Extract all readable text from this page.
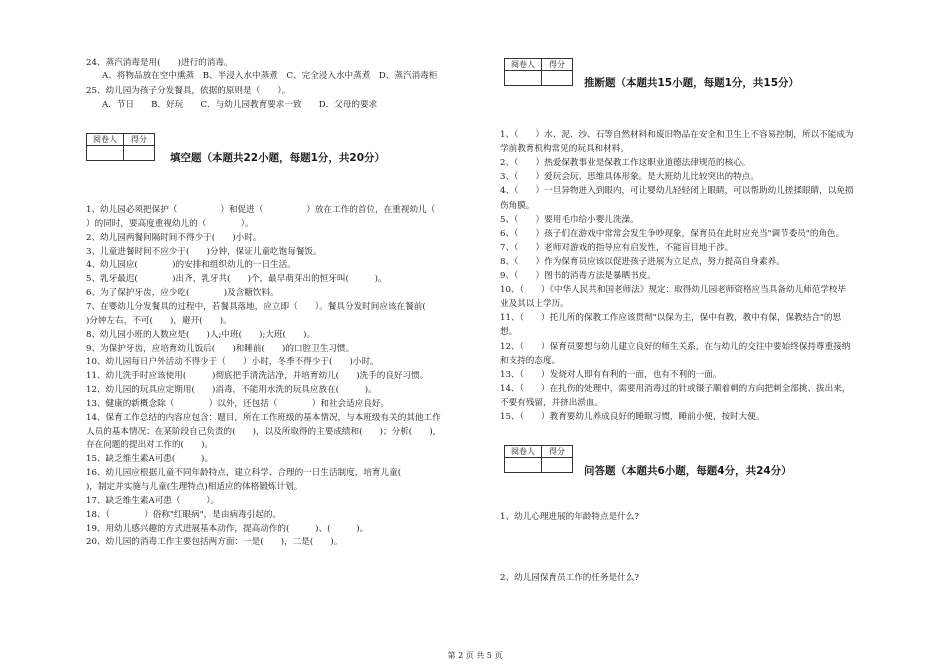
24、蒸汽消毒是用(　　)进行的消毒。
A、将物品放在空中熏蒸　B、半浸入水中蒸煮　C、完全浸入水中蒸煮　D、蒸汽消毒柜
25、幼儿园为孩子分发餐具，依据的原则是（　　）。
A．节日　　B．好玩　　C．与幼儿园教育要求一致　　D．父母的要求
阅卷人	得分

填空题（本题共22小题，每题1分，共20分）
1、幼儿园必须把保护（　　　　　）和促进（　　　　　）放在工作的首位，在重视幼儿（
）的同时，要高度重视幼儿的（　　　　）。
2、幼儿园两餐间隔时间不得少于(　　)小时。
3、儿童进餐时间不应少于(　　)分钟，保证儿童吃饱每餐饭。
4、幼儿园应(　　　　)的安排和组织幼儿的一日生活。
5、乳牙最迟(　　　　)出齐，乳牙共(　　)个，最早萌芽出的恒牙叫(　　　)。
6、为了保护牙齿，应少吃(　　　　)及含糖饮料。
7、在婴幼儿分发餐具的过程中，若餐具落地，应立即（　　）。餐具分发时间应该在餐前(
)分钟左右，不可(　　)，避开(　　)。
8、幼儿园小班的人数应是(　　)人;中班(　　);大班(　　)。
9、为保护牙齿，应培育幼儿饭后(　　)和睡前(　　)的口腔卫生习惯。
10、幼儿园每日户外活动不得少于（　　）小时，冬季不得少于(　　)小时。
11、幼儿洗手时应该使用(　　　)彻底把手清洗洁净，并培育幼儿(　　)洗手的良好习惯。
12、幼儿园的玩具应定期用(　　)消毒，不能用水洗的玩具应放在(　　　)。
13、健康的新概念除（　　　　）以外，还包括（　　　　）和社会适应良好。
14、保育工作总结的内容应包含：题目，所在工作班级的基本情况，与本班级有关的其他工作
人员的基本情况；在某阶段自己负责的(　　)，以及所取得的主要成绩和(　　)；分析(　　)，
存在问题的提出对工作的(　　)。
15、缺乏维生素A可患(　　　)。
16、幼儿园应根据儿童不同年龄特点，建立科学、合理的一日生活制度，培育儿童(　　
)，制定并实施与儿童(生理特点)相适应的体格锻炼计划。
17、缺乏维生素A可患（　　　）。
18、（　　　　）俗称"红眼病"，是由病毒引起的。
19、用幼儿感兴趣的方式进展基本动作，提高动作的(　　　)、(　　　)。
20、幼儿园的消毒工作主要包括两方面：一是(　　)，二是(　　)。
阅卷人	得分

推断题（本题共15小题，每题1分，共15分）
1、（　　）水、泥、沙、石等自然材料和废旧物品在安全和卫生上不容易控制，所以不能成为
学前教育机构常见的玩具和材料。
2、（　　）热爱保教事业是保教工作这职业道德法律规范的核心。
3、（　　）爱玩会玩、思维具体形象。是大班幼儿比较突出的特点。
4、（　　）一旦异物进入到眼内，可让婴幼儿轻轻闭上眼睛，可以帮助幼儿搓揉眼睛，以免损
伤角膜。
5、（　　）要用毛巾给小婴儿洗澡。
6、（　　）孩子们在游戏中常常会发生争吵现象，保育员在此时应充当"调节委员"的角色。
7、（　　）老师对游戏的指导应有启发性，不能盲目地干涉。
8、（　　）作为保育员应该以促进孩子进展为立足点，努力提高自身素养。
9、（　　）图书的消毒方法是暴晒书皮。
10、（　　）《中华人民共和国老师法》规定：取得幼儿园老师资格应当具备幼儿师范学校毕
业及其以上学历。
11、（　　）托儿所的保教工作应该贯彻"以保为主，保中有教，教中有保，保教结合"的思
想。
12、（　　）保育员要想与幼儿建立良好的师生关系，在与幼儿的交往中要始终保持尊重接纳
和支持的态度。
13、（　　）发烧对人即有有利的一面，也有不利的一面。
14、（　　）在扎伤的处理中，需要用消毒过的针或镊子顺着刺的方向把刺全部挑、拔出来，
不要有残留，并挤出淤血。
15、（　　）教育要幼儿养成良好的睡眠习惯，睡前小便，按时大便。
阅卷人	得分

问答题（本题共6小题，每题4分，共24分）
1、幼儿心理进展的年龄特点是什么?
2、幼儿园保育员工作的任务是什么?
第 2 页 共 5 页
